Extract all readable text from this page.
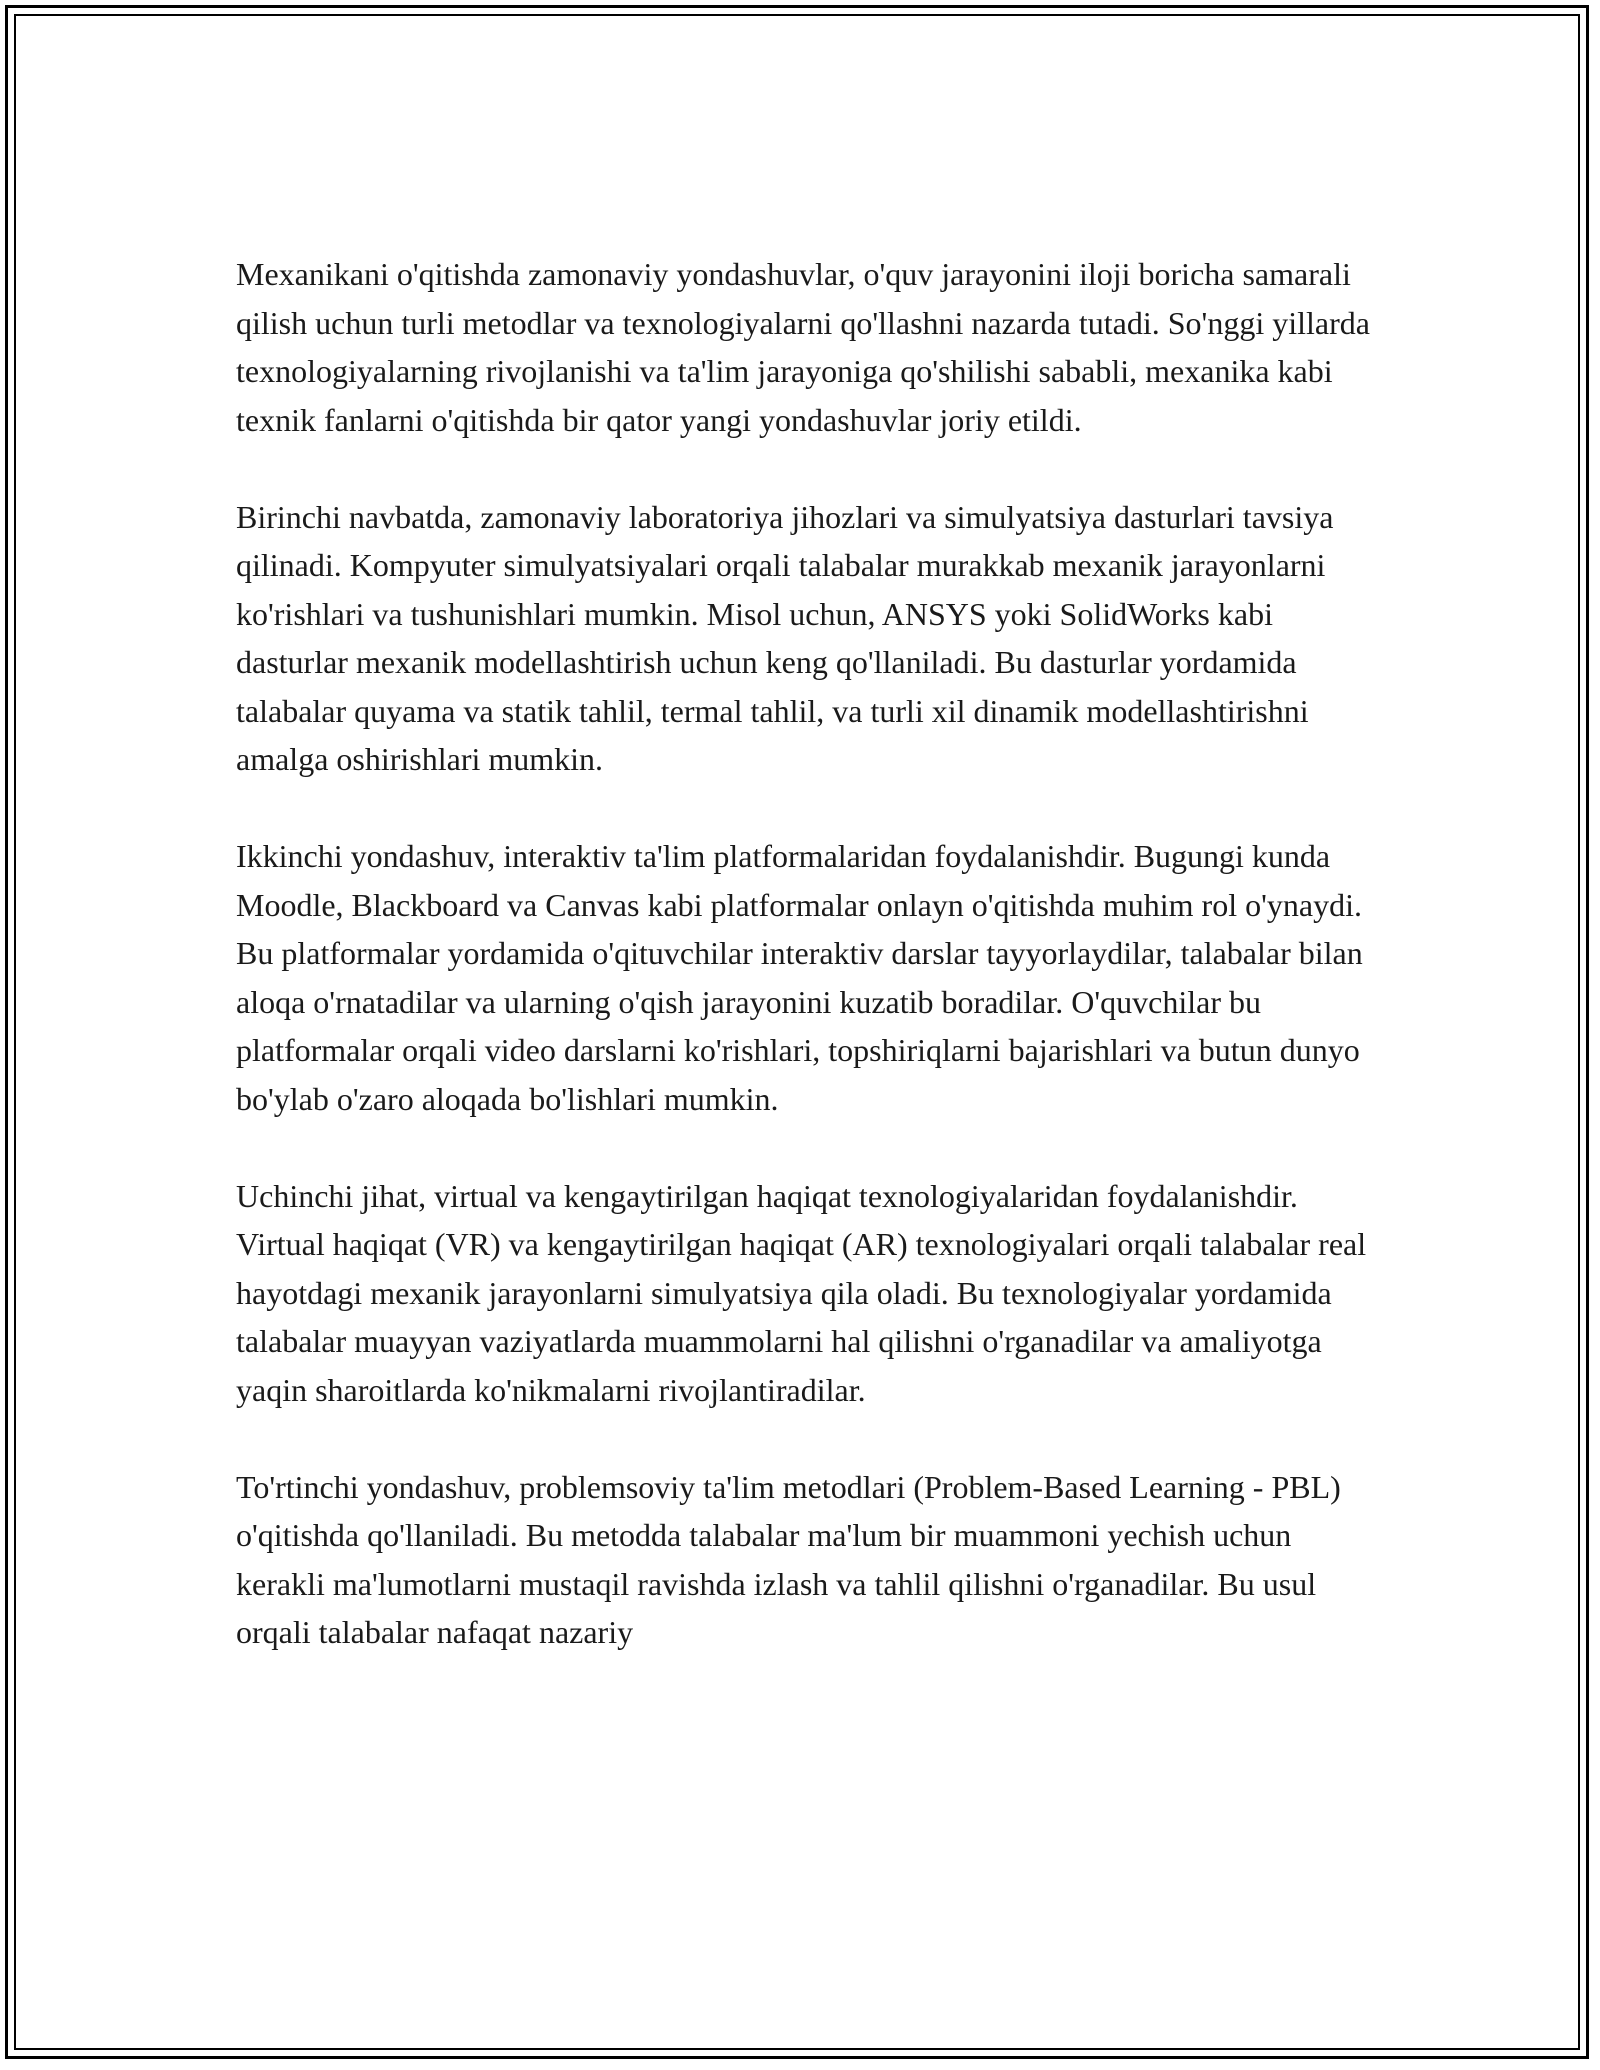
Mexanikani o'qitishda zamonaviy yondashuvlar, o'quv jarayonini iloji boricha samarali qilish uchun turli metodlar va texnologiyalarni qo'llashni nazarda tutadi. So'nggi yillarda texnologiyalarning rivojlanishi va ta'lim jarayoniga qo'shilishi sababli, mexanika kabi texnik fanlarni o'qitishda bir qator yangi yondashuvlar joriy etildi.

Birinchi navbatda, zamonaviy laboratoriya jihozlari va simulyatsiya dasturlari tavsiya qilinadi. Kompyuter simulyatsiyalari orqali talabalar murakkab mexanik jarayonlarni ko'rishlari va tushunishlari mumkin. Misol uchun, ANSYS yoki SolidWorks kabi dasturlar mexanik modellashtirish uchun keng qo'llaniladi. Bu dasturlar yordamida talabalar quyama va statik tahlil, termal tahlil, va turli xil dinamik modellashtirishni amalga oshirishlari mumkin.

Ikkinchi yondashuv, interaktiv ta'lim platformalaridan foydalanishdir. Bugungi kunda Moodle, Blackboard va Canvas kabi platformalar onlayn o'qitishda muhim rol o'ynaydi. Bu platformalar yordamida o'qituvchilar interaktiv darslar tayyorlaydilar, talabalar bilan aloqa o'rnatadilar va ularning o'qish jarayonini kuzatib boradilar. O'quvchilar bu platformalar orqali video darslarni ko'rishlari, topshiriqlarni bajarishlari va butun dunyo bo'ylab o'zaro aloqada bo'lishlari mumkin.

Uchinchi jihat, virtual va kengaytirilgan haqiqat texnologiyalaridan foydalanishdir. Virtual haqiqat (VR) va kengaytirilgan haqiqat (AR) texnologiyalari orqali talabalar real hayotdagi mexanik jarayonlarni simulyatsiya qila oladi. Bu texnologiyalar yordamida talabalar muayyan vaziyatlarda muammolarni hal qilishni o'rganadilar va amaliyotga yaqin sharoitlarda ko'nikmalarni rivojlantiradilar.

To'rtinchi yondashuv, problemsoviy ta'lim metodlari (Problem-Based Learning - PBL) o'qitishda qo'llaniladi. Bu metodda talabalar ma'lum bir muammoni yechish uchun kerakli ma'lumotlarni mustaqil ravishda izlash va tahlil qilishni o'rganadilar. Bu usul orqali talabalar nafaqat nazariy
